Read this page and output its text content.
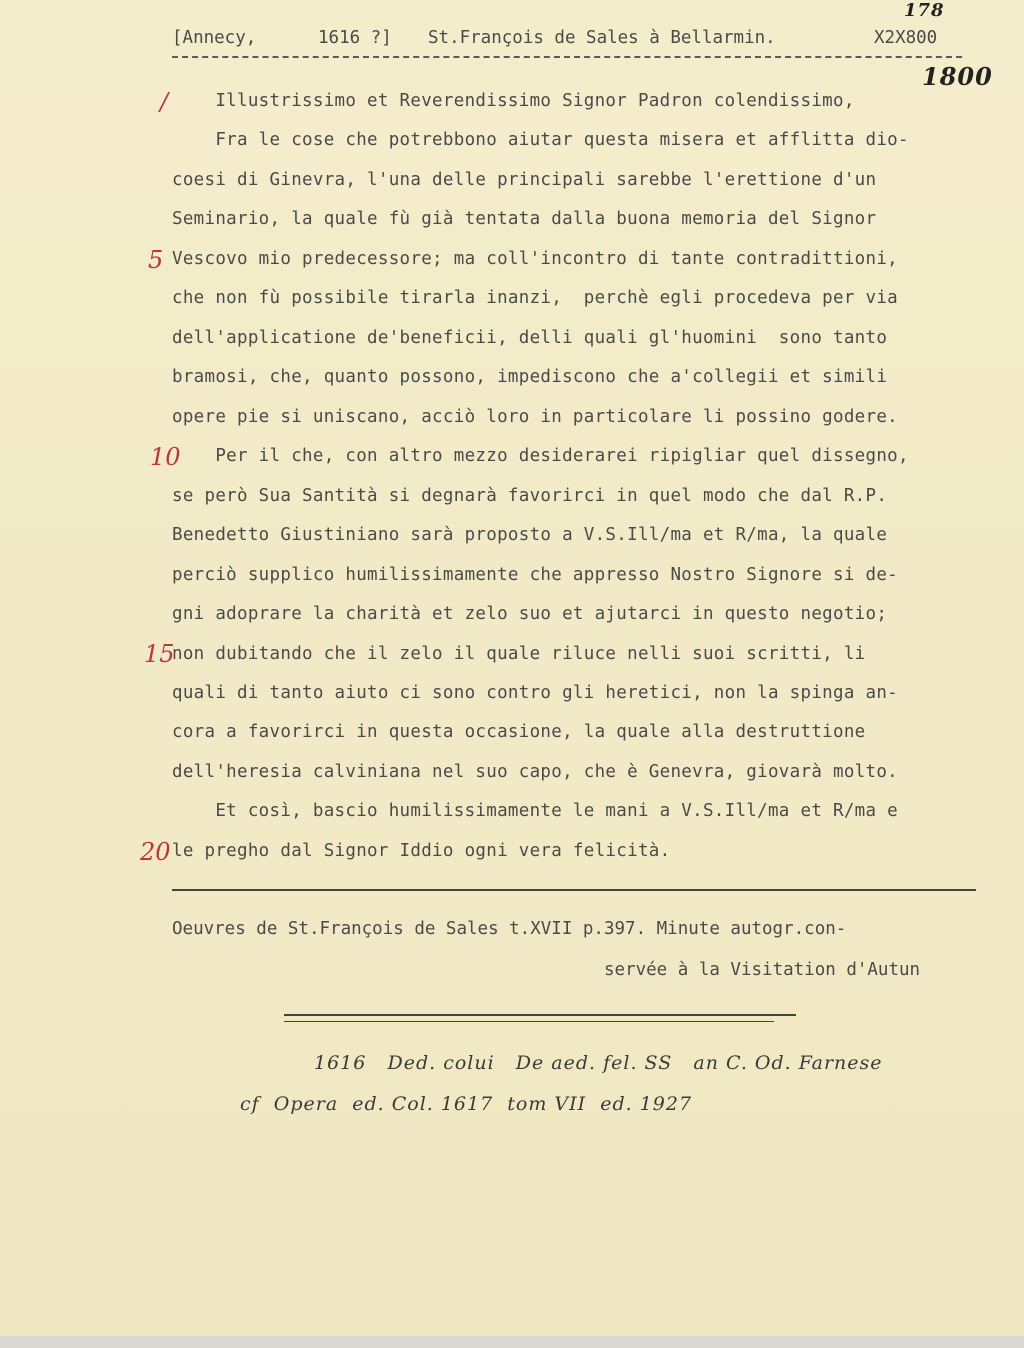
[Annecy,

	1616 ?]

St.François de Sales à Bellarmin.

	X2X800

178
1800
Illustrissimo et Reverendissimo Signor Padron colendissimo,
Fra le cose che potrebbono aiutar questa misera et afflitta dio-
coesi di Ginevra, l'una delle principali sarebbe l'erettione d'un
Seminario, la quale fù già tentata dalla buona memoria del Signor
Vescovo mio predecessore; ma coll'incontro di tante contradittioni,
che non fù possibile tirarla inanzi,  perchè egli procedeva per via
dell'applicatione de'beneficii, delli quali gl'huomini  sono tanto
bramosi, che, quanto possono, impediscono che a'collegii et simili
opere pie si uniscano, acciò loro in particolare li possino godere.
Per il che, con altro mezzo desiderarei ripigliar quel dissegno,
se però Sua Santità si degnarà favorirci in quel modo che dal R.P.
Benedetto Giustiniano sarà proposto a V.S.Ill/ma et R/ma, la quale
perciò supplico humilissimamente che appresso Nostro Signore si de-
gni adoprare la charità et zelo suo et ajutarci in questo negotio;
non dubitando che il zelo il quale riluce nelli suoi scritti, li
quali di tanto aiuto ci sono contro gli heretici, non la spinga an-
cora a favorirci in questa occasione, la quale alla destruttione
dell'heresia calviniana nel suo capo, che è Genevra, giovarà molto.
Et così, bascio humilissimamente le mani a V.S.Ill/ma et R/ma e
le pregho dal Signor Iddio ogni vera felicità.
/
5
10
15
20
Oeuvres de St.François de Sales t.XVII p.397. Minute autogr.con-
servée à la Visitation d'Autun
1616   Ded. colui   De aed. fel. SS   an C. Od. Farnese
cf  Opera  ed. Col. 1617  tom VII  ed. 1927
